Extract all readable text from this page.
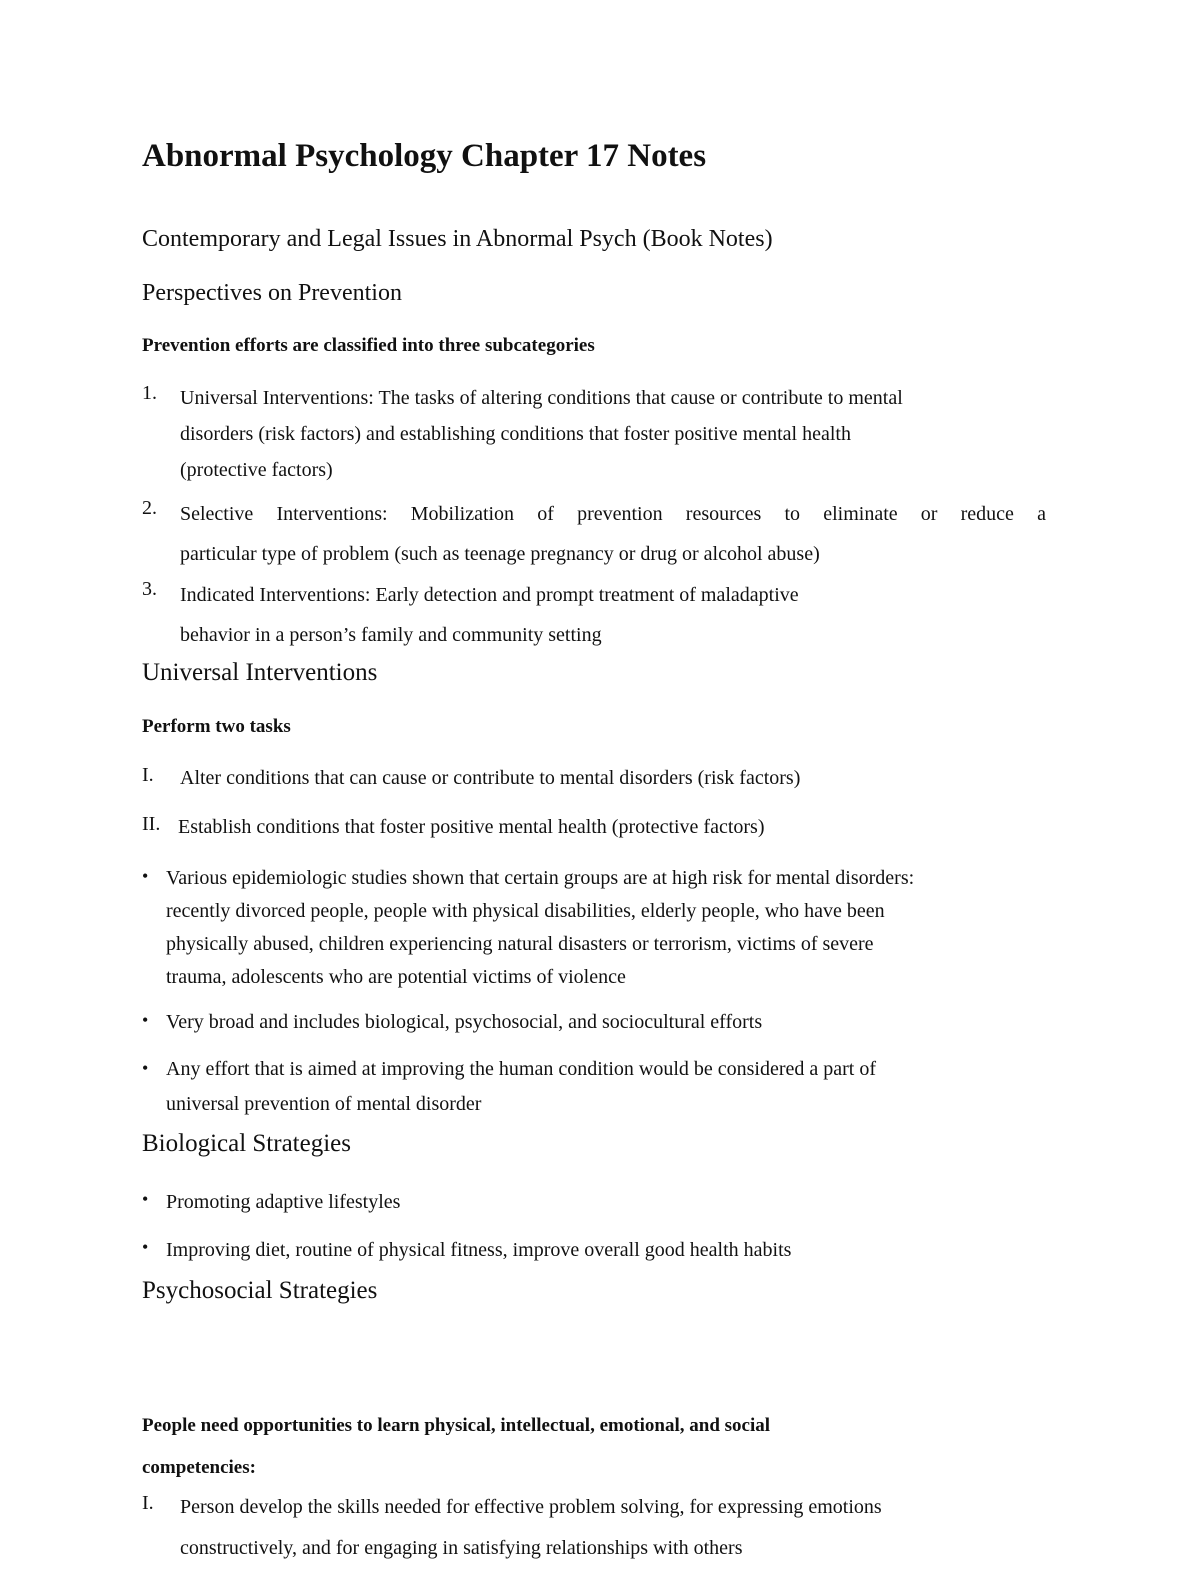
Abnormal Psychology Chapter 17 Notes
Contemporary and Legal Issues in Abnormal Psych (Book Notes)
Perspectives on Prevention
Prevention efforts are classified into three subcategories
1. Universal Interventions: The tasks of altering conditions that cause or contribute to mental
disorders (risk factors) and establishing conditions that foster positive mental health
(protective factors)
2. Selective Interventions: Mobilization of prevention resources to eliminate or reduce a
particular type of problem (such as teenage pregnancy or drug or alcohol abuse)
3. Indicated Interventions: Early detection and prompt treatment of maladaptive
behavior in a person’s family and community setting
Universal Interventions
Perform two tasks
I. Alter conditions that can cause or contribute to mental disorders (risk factors)
II. Establish conditions that foster positive mental health (protective factors)
• Various epidemiologic studies shown that certain groups are at high risk for mental disorders:
recently divorced people, people with physical disabilities, elderly people, who have been
physically abused, children experiencing natural disasters or terrorism, victims of severe
trauma, adolescents who are potential victims of violence
• Very broad and includes biological, psychosocial, and sociocultural efforts
• Any effort that is aimed at improving the human condition would be considered a part of
universal prevention of mental disorder
Biological Strategies
• Promoting adaptive lifestyles
• Improving diet, routine of physical fitness, improve overall good health habits
Psychosocial Strategies
People need opportunities to learn physical, intellectual, emotional, and social
competencies:
I. Person develop the skills needed for effective problem solving, for expressing emotions
constructively, and for engaging in satisfying relationships with others
